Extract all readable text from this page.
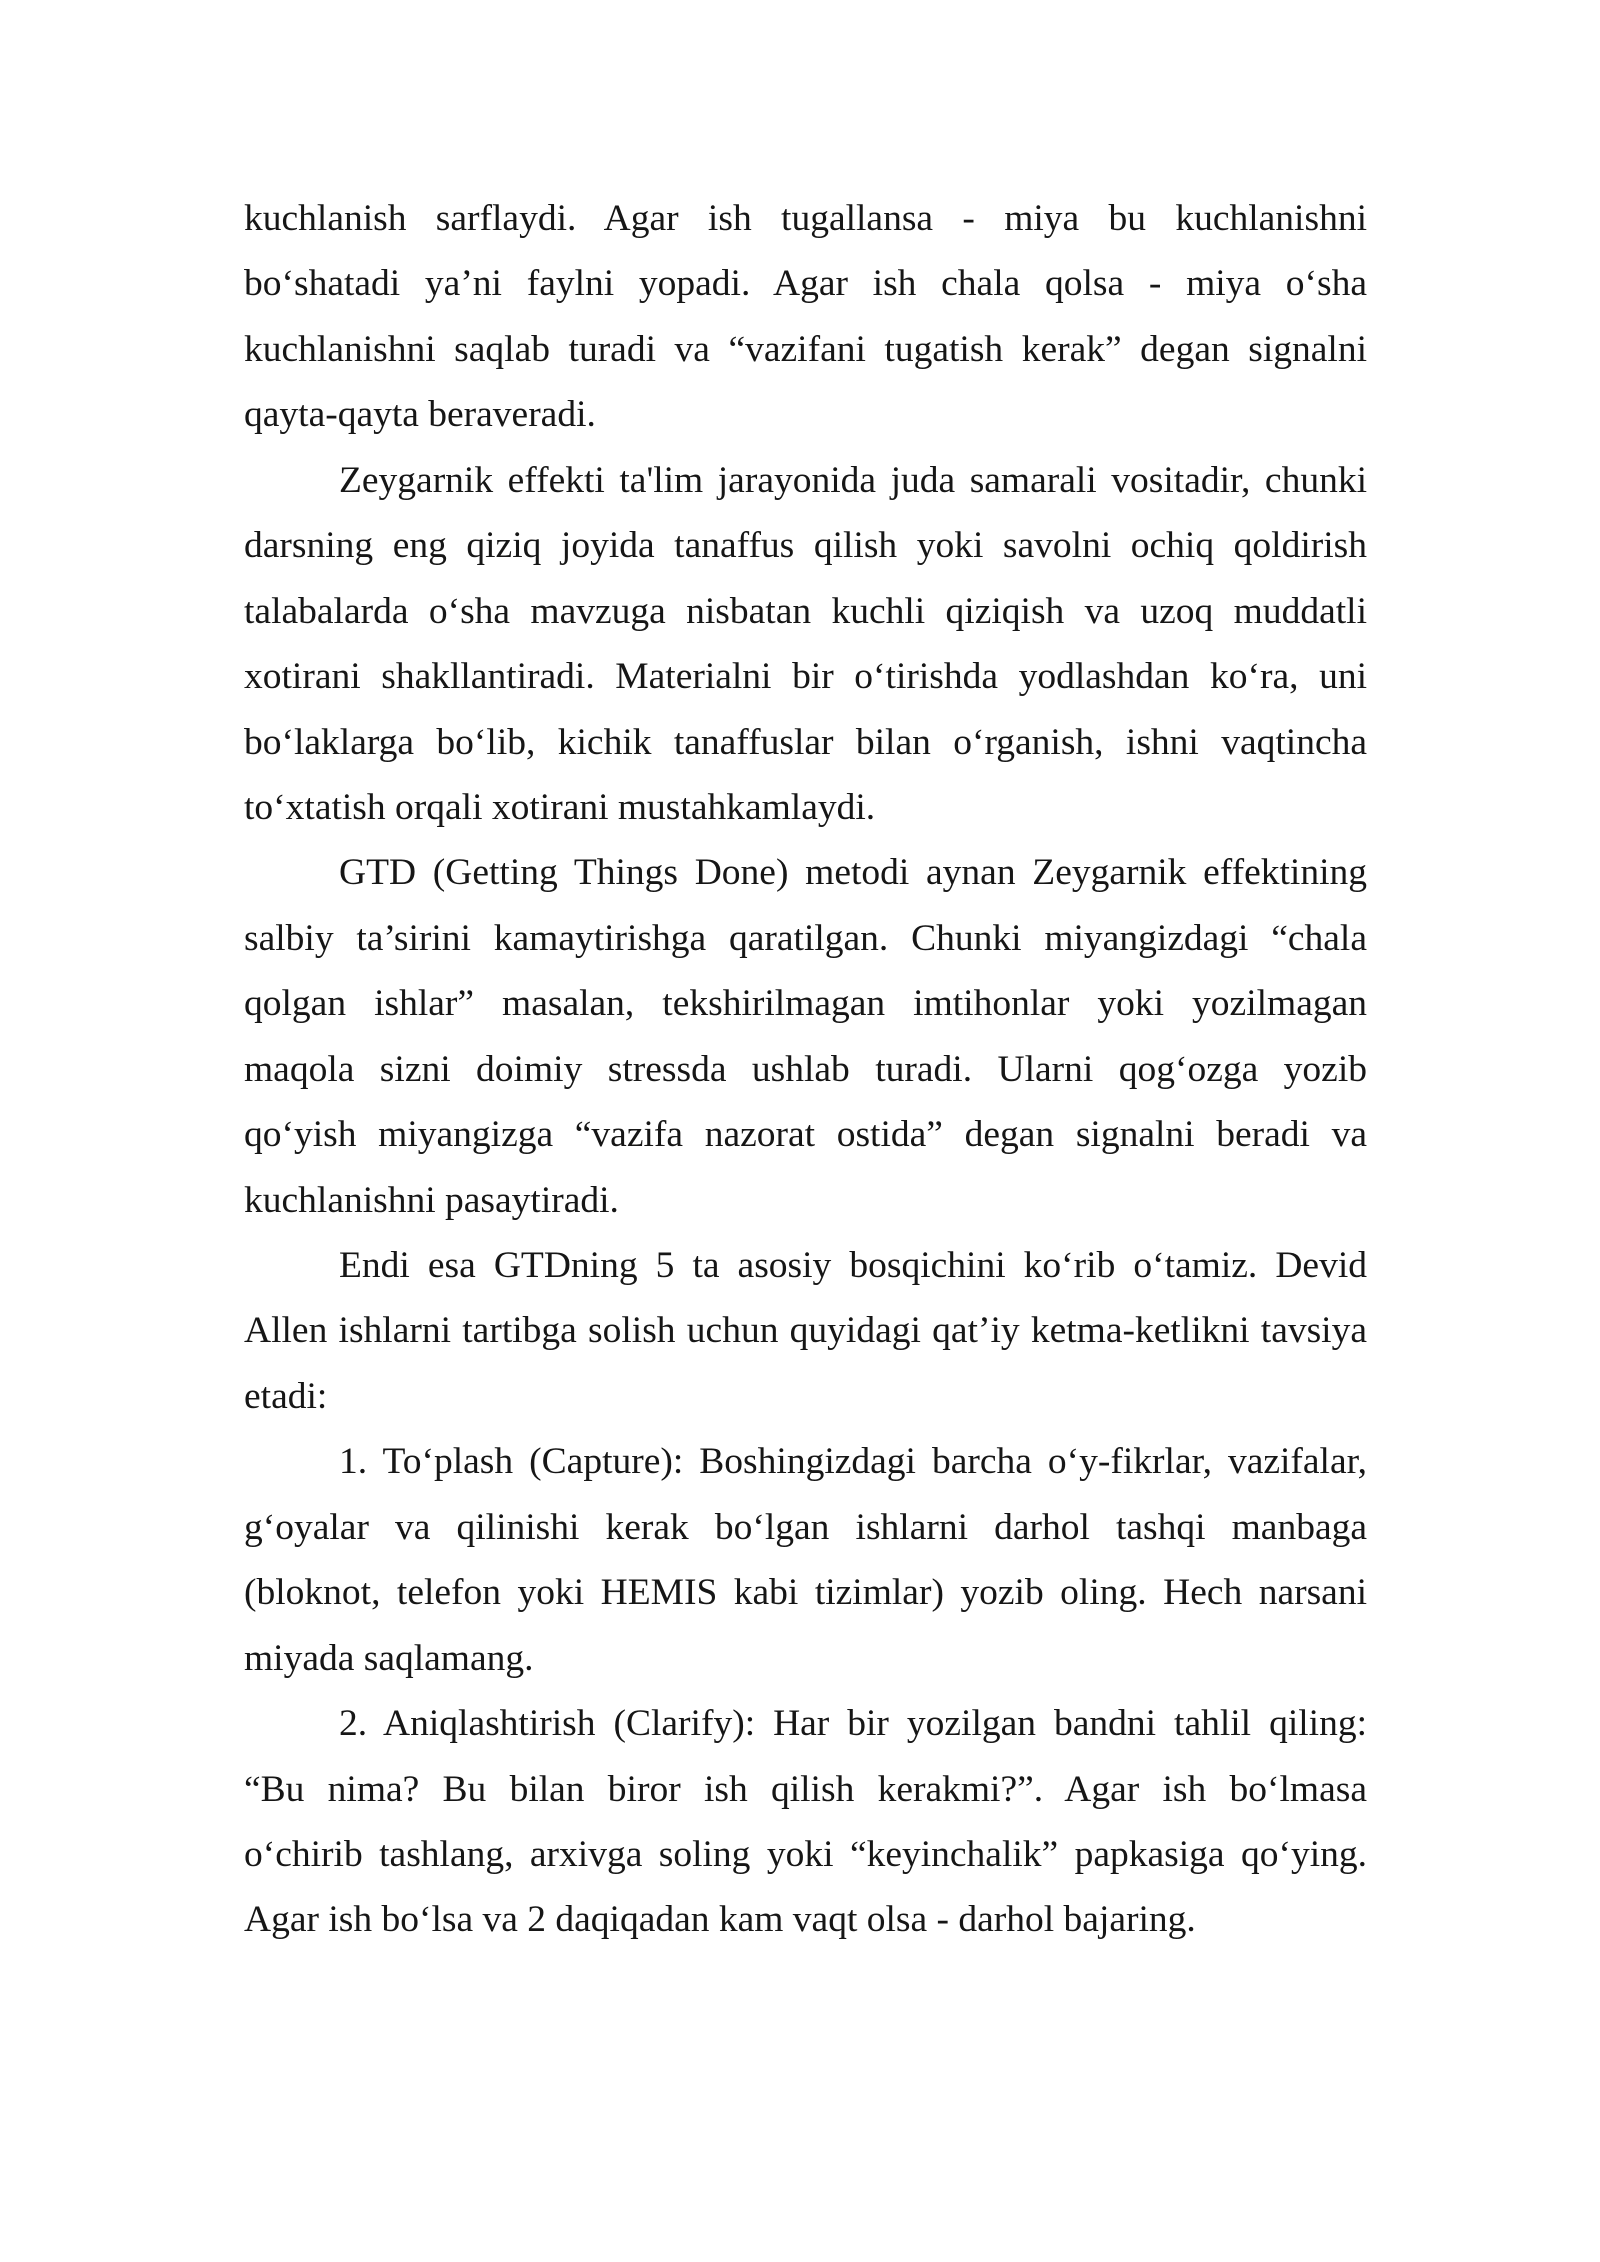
kuchlanish sarflaydi. Agar ish tugallansa - miya bu kuchlanishni
bo‘shatadi ya’ni faylni yopadi. Agar ish chala qolsa - miya o‘sha
kuchlanishni saqlab turadi va “vazifani tugatish kerak” degan signalni
qayta-qayta beraveradi.
Zeygarnik effekti ta'lim jarayonida juda samarali vositadir, chunki
darsning eng qiziq joyida tanaffus qilish yoki savolni ochiq qoldirish
talabalarda o‘sha mavzuga nisbatan kuchli qiziqish va uzoq muddatli
xotirani shakllantiradi. Materialni bir o‘tirishda yodlashdan ko‘ra, uni
bo‘laklarga bo‘lib, kichik tanaffuslar bilan o‘rganish, ishni vaqtincha
to‘xtatish orqali xotirani mustahkamlaydi.
GTD (Getting Things Done) metodi aynan Zeygarnik effektining
salbiy ta’sirini kamaytirishga qaratilgan. Chunki miyangizdagi “chala
qolgan ishlar” masalan, tekshirilmagan imtihonlar yoki yozilmagan
maqola sizni doimiy stressda ushlab turadi. Ularni qog‘ozga yozib
qo‘yish miyangizga “vazifa nazorat ostida” degan signalni beradi va
kuchlanishni pasaytiradi.
Endi esa GTDning 5 ta asosiy bosqichini ko‘rib o‘tamiz. Devid
Allen ishlarni tartibga solish uchun quyidagi qat’iy ketma-ketlikni tavsiya
etadi:
1. To‘plash (Capture): Boshingizdagi barcha o‘y-fikrlar, vazifalar,
g‘oyalar va qilinishi kerak bo‘lgan ishlarni darhol tashqi manbaga
(bloknot, telefon yoki HEMIS kabi tizimlar) yozib oling. Hech narsani
miyada saqlamang.
2. Aniqlashtirish (Clarify): Har bir yozilgan bandni tahlil qiling:
“Bu nima? Bu bilan biror ish qilish kerakmi?”. Agar ish bo‘lmasa
o‘chirib tashlang, arxivga soling yoki “keyinchalik” papkasiga qo‘ying.
Agar ish bo‘lsa va 2 daqiqadan kam vaqt olsa - darhol bajaring.
